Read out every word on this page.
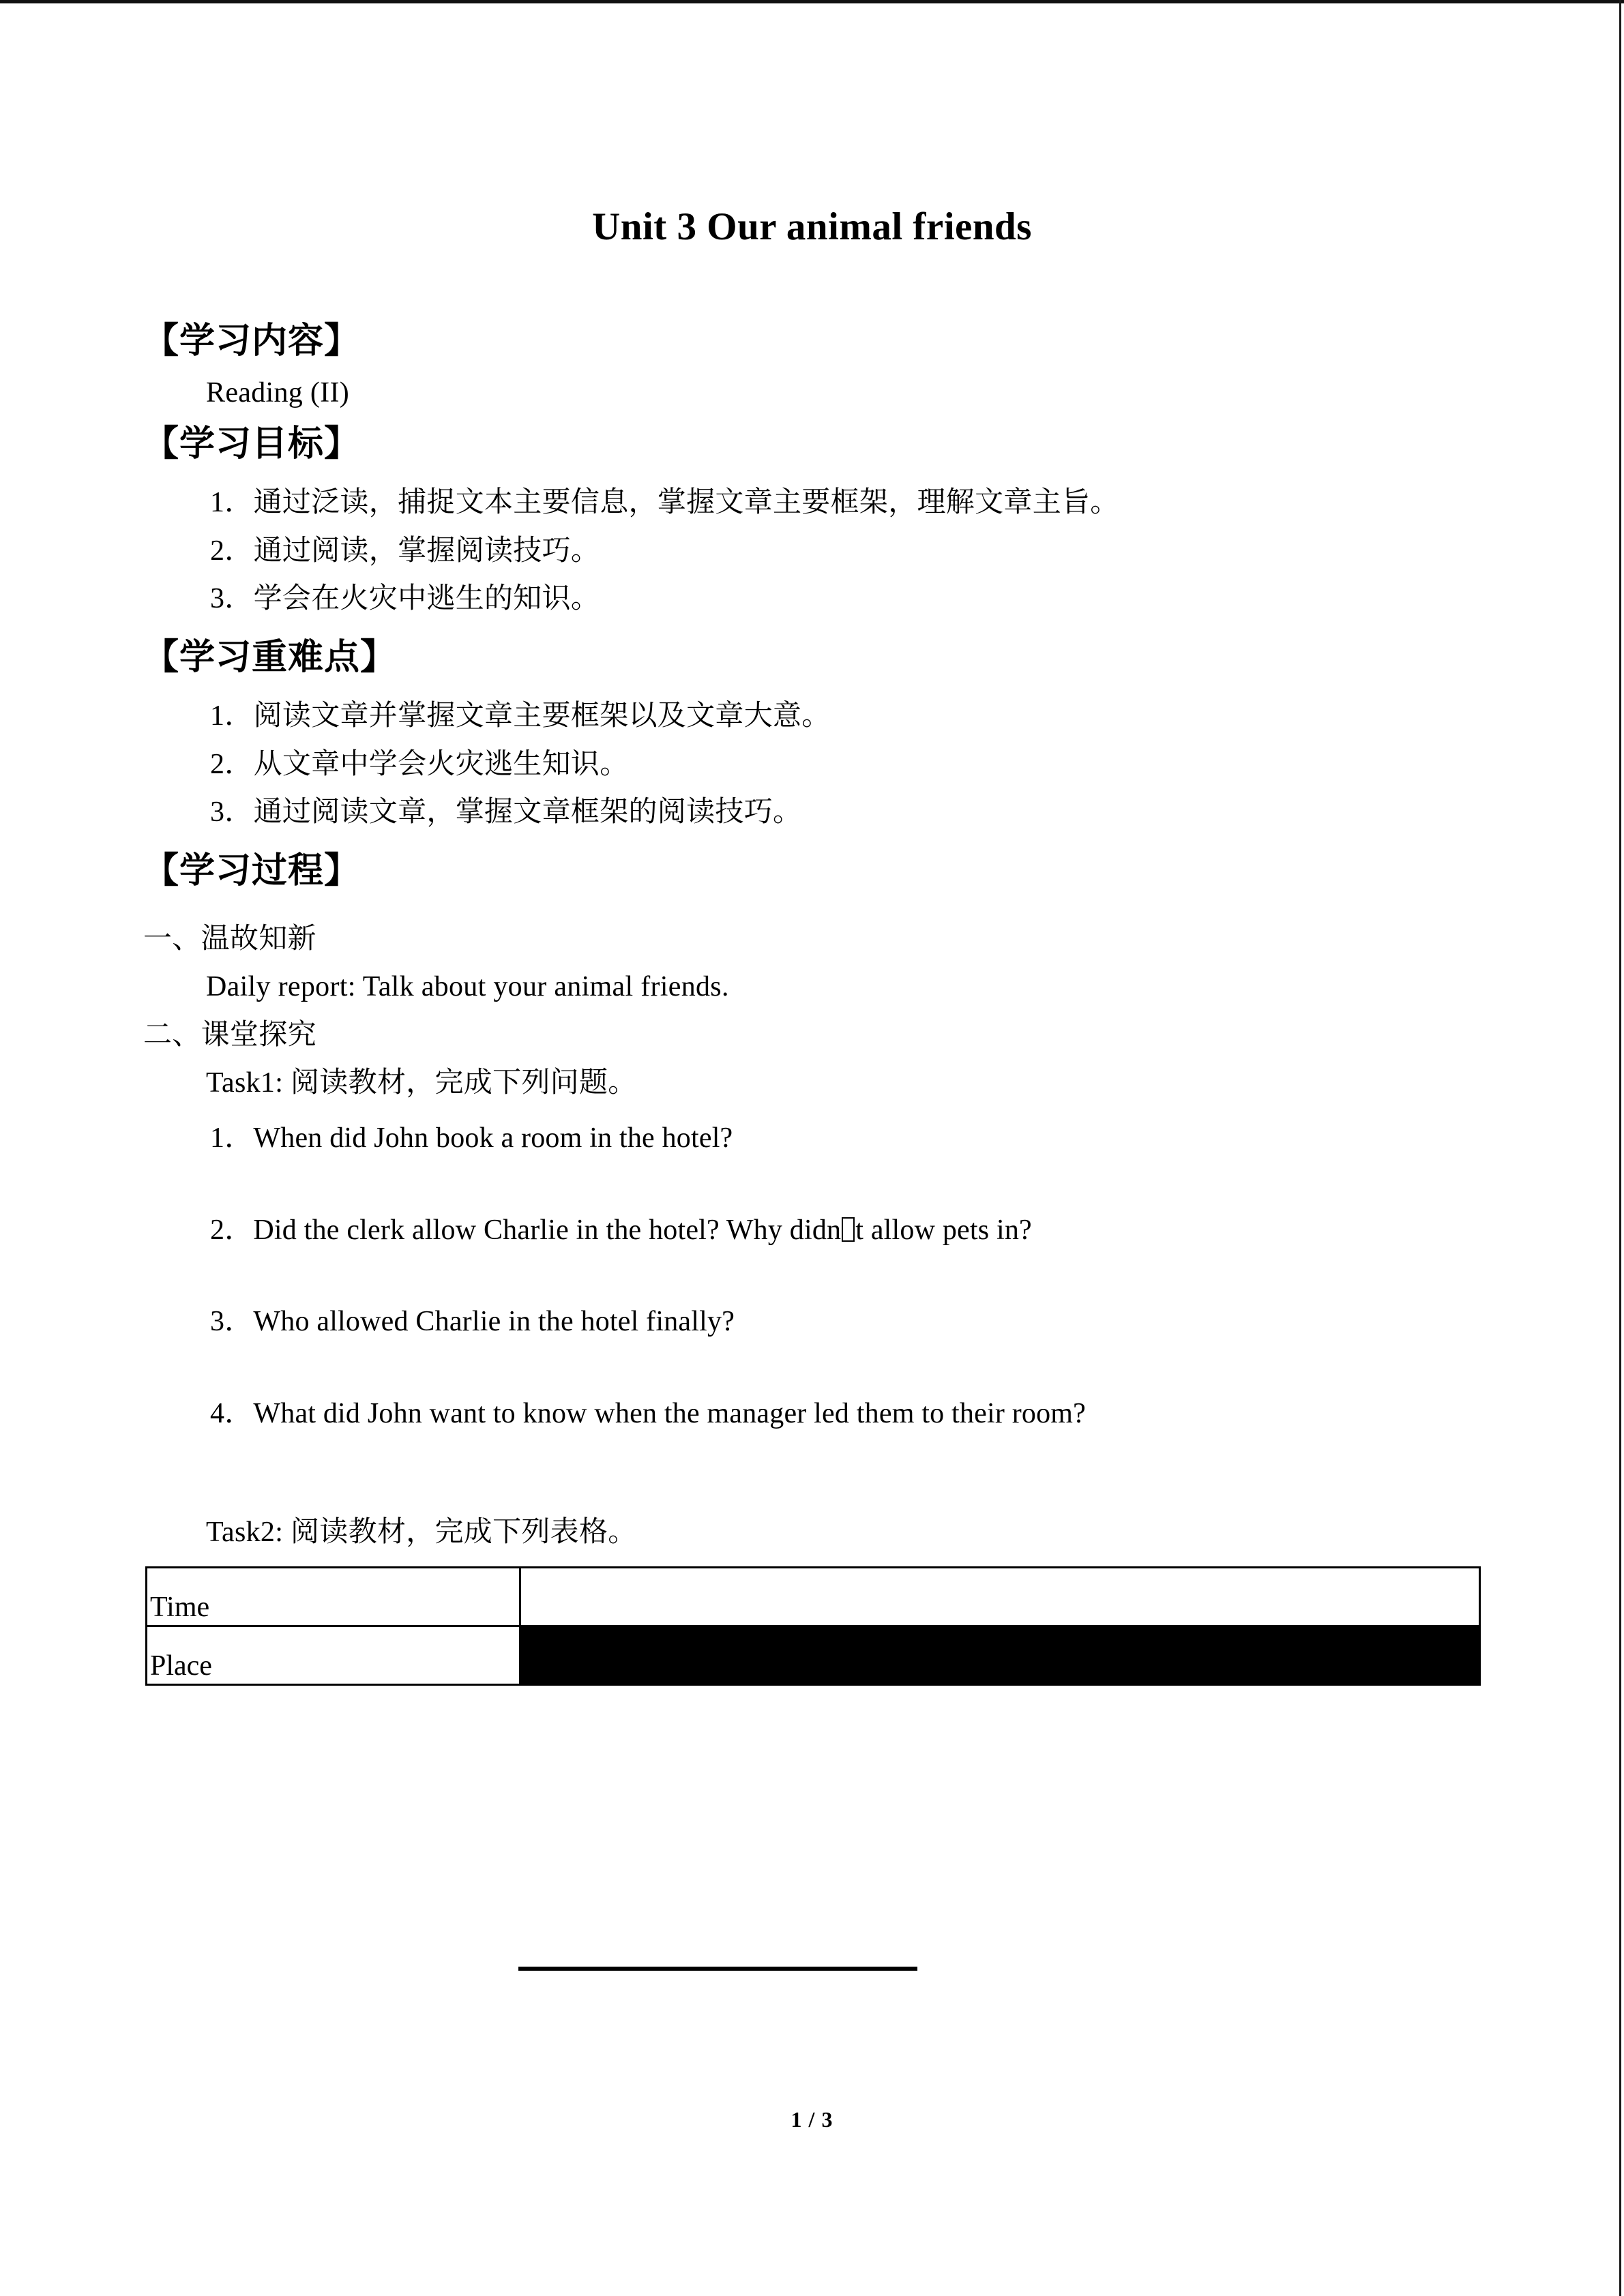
Unit 3 Our animal friends
【学习内容】
Reading (II)
【学习目标】
1．通过泛读，捕捉文本主要信息，掌握文章主要框架，理解文章主旨。
2．通过阅读，掌握阅读技巧。
3．学会在火灾中逃生的知识。
【学习重难点】
1．阅读文章并掌握文章主要框架以及文章大意。
2．从文章中学会火灾逃生知识。
3．通过阅读文章，掌握文章框架的阅读技巧。
【学习过程】
一、温故知新
Daily report: Talk about your animal friends.
二、课堂探究
Task1: 阅读教材，完成下列问题。
1．When did John book a room in the hotel?
2．Did the clerk allow Charlie in the hotel? Why didn t allow pets in?
3．Who allowed Charlie in the hotel finally?
4．What did John want to know when the manager led them to their room?
Task2: 阅读教材，完成下列表格。
Time	
Place	
1 / 3
